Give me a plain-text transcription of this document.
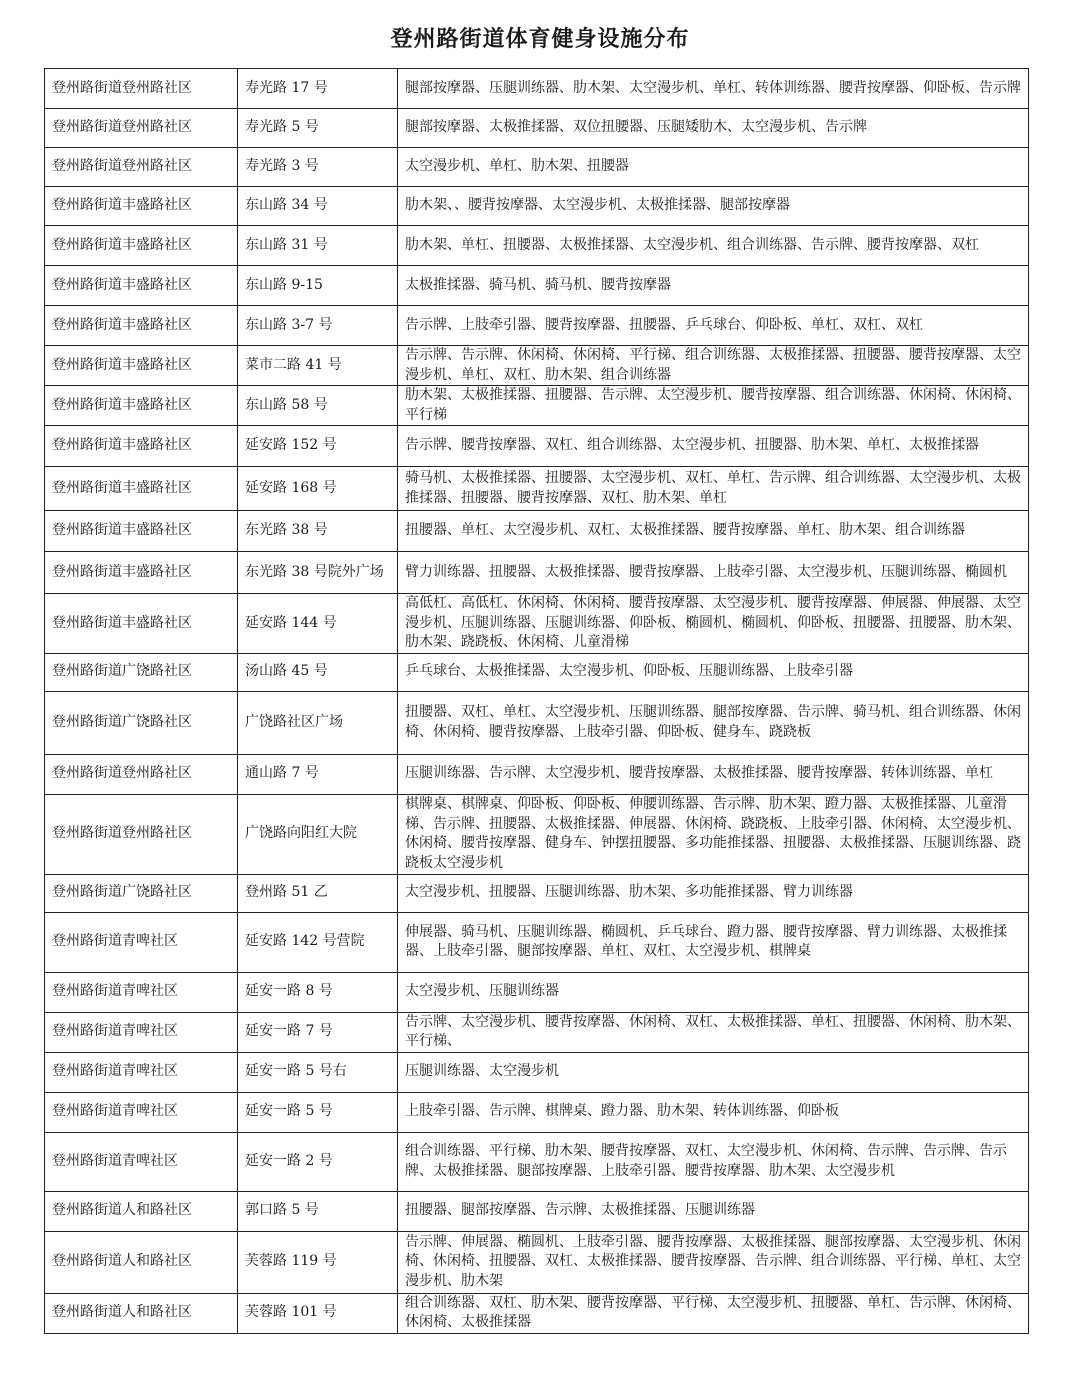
登州路街道体育健身设施分布
登州路街道登州路社区	寿光路 17 号	腿部按摩器、压腿训练器、肋木架、太空漫步机、单杠、转体训练器、腰背按摩器、仰卧板、告示牌
登州路街道登州路社区	寿光路 5 号	腿部按摩器、太极推揉器、双位扭腰器、压腿矮肋木、太空漫步机、告示牌
登州路街道登州路社区	寿光路 3 号	太空漫步机、单杠、肋木架、扭腰器
登州路街道丰盛路社区	东山路 34 号	肋木架、、腰背按摩器、太空漫步机、太极推揉器、腿部按摩器
登州路街道丰盛路社区	东山路 31 号	肋木架、单杠、扭腰器、太极推揉器、太空漫步机、组合训练器、告示牌、腰背按摩器、双杠
登州路街道丰盛路社区	东山路 9-15	太极推揉器、骑马机、骑马机、腰背按摩器
登州路街道丰盛路社区	东山路 3-7 号	告示牌、上肢牵引器、腰背按摩器、扭腰器、乒乓球台、仰卧板、单杠、双杠、双杠
登州路街道丰盛路社区	菜市二路 41 号	告示牌、告示牌、休闲椅、休闲椅、平行梯、组合训练器、太极推揉器、扭腰器、腰背按摩器、太空漫步机、单杠、双杠、肋木架、组合训练器
登州路街道丰盛路社区	东山路 58 号	肋木架、太极推揉器、扭腰器、告示牌、太空漫步机、腰背按摩器、组合训练器、休闲椅、休闲椅、平行梯
登州路街道丰盛路社区	延安路 152 号	告示牌、腰背按摩器、双杠、组合训练器、太空漫步机、扭腰器、肋木架、单杠、太极推揉器
登州路街道丰盛路社区	延安路 168 号	骑马机、太极推揉器、扭腰器、太空漫步机、双杠、单杠、告示牌、组合训练器、太空漫步机、太极推揉器、扭腰器、腰背按摩器、双杠、肋木架、单杠
登州路街道丰盛路社区	东光路 38 号	扭腰器、单杠、太空漫步机、双杠、太极推揉器、腰背按摩器、单杠、肋木架、组合训练器
登州路街道丰盛路社区	东光路 38 号院外广场	臂力训练器、扭腰器、太极推揉器、腰背按摩器、上肢牵引器、太空漫步机、压腿训练器、椭圆机
登州路街道丰盛路社区	延安路 144 号	高低杠、高低杠、休闲椅、休闲椅、腰背按摩器、太空漫步机、腰背按摩器、伸展器、伸展器、太空漫步机、压腿训练器、压腿训练器、仰卧板、椭圆机、椭圆机、仰卧板、扭腰器、扭腰器、肋木架、肋木架、跷跷板、休闲椅、儿童滑梯
登州路街道广饶路社区	汤山路 45 号	乒乓球台、太极推揉器、太空漫步机、仰卧板、压腿训练器、上肢牵引器
登州路街道广饶路社区	广饶路社区广场	扭腰器、双杠、单杠、太空漫步机、压腿训练器、腿部按摩器、告示牌、骑马机、组合训练器、休闲椅、休闲椅、腰背按摩器、上肢牵引器、仰卧板、健身车、跷跷板
登州路街道登州路社区	通山路 7 号	压腿训练器、告示牌、太空漫步机、腰背按摩器、太极推揉器、腰背按摩器、转体训练器、单杠
登州路街道登州路社区	广饶路向阳红大院	棋牌桌、棋牌桌、仰卧板、仰卧板、伸腰训练器、告示牌、肋木架、蹬力器、太极推揉器、儿童滑梯、告示牌、扭腰器、太极推揉器、伸展器、休闲椅、跷跷板、上肢牵引器、休闲椅、太空漫步机、休闲椅、腰背按摩器、健身车、钟摆扭腰器、多功能推揉器、扭腰器、太极推揉器、压腿训练器、跷跷板太空漫步机
登州路街道广饶路社区	登州路 51 乙	太空漫步机、扭腰器、压腿训练器、肋木架、多功能推揉器、臂力训练器
登州路街道青啤社区	延安路 142 号营院	伸展器、骑马机、压腿训练器、椭圆机、乒乓球台、蹬力器、腰背按摩器、臂力训练器、太极推揉器、上肢牵引器、腿部按摩器、单杠、双杠、太空漫步机、棋牌桌
登州路街道青啤社区	延安一路 8 号	太空漫步机、压腿训练器
登州路街道青啤社区	延安一路 7 号	告示牌、太空漫步机、腰背按摩器、休闲椅、双杠、太极推揉器、单杠、扭腰器、休闲椅、肋木架、平行梯、
登州路街道青啤社区	延安一路 5 号右	压腿训练器、太空漫步机
登州路街道青啤社区	延安一路 5 号	上肢牵引器、告示牌、棋牌桌、蹬力器、肋木架、转体训练器、仰卧板
登州路街道青啤社区	延安一路 2 号	组合训练器、平行梯、肋木架、腰背按摩器、双杠、太空漫步机、休闲椅、告示牌、告示牌、告示牌、太极推揉器、腿部按摩器、上肢牵引器、腰背按摩器、肋木架、太空漫步机
登州路街道人和路社区	郭口路 5 号	扭腰器、腿部按摩器、告示牌、太极推揉器、压腿训练器
登州路街道人和路社区	芙蓉路 119 号	告示牌、伸展器、椭圆机、上肢牵引器、腰背按摩器、太极推揉器、腿部按摩器、太空漫步机、休闲椅、休闲椅、扭腰器、双杠、太极推揉器、腰背按摩器、告示牌、组合训练器、平行梯、单杠、太空漫步机、肋木架
登州路街道人和路社区	芙蓉路 101 号	组合训练器、双杠、肋木架、腰背按摩器、平行梯、太空漫步机、扭腰器、单杠、告示牌、休闲椅、休闲椅、太极推揉器
